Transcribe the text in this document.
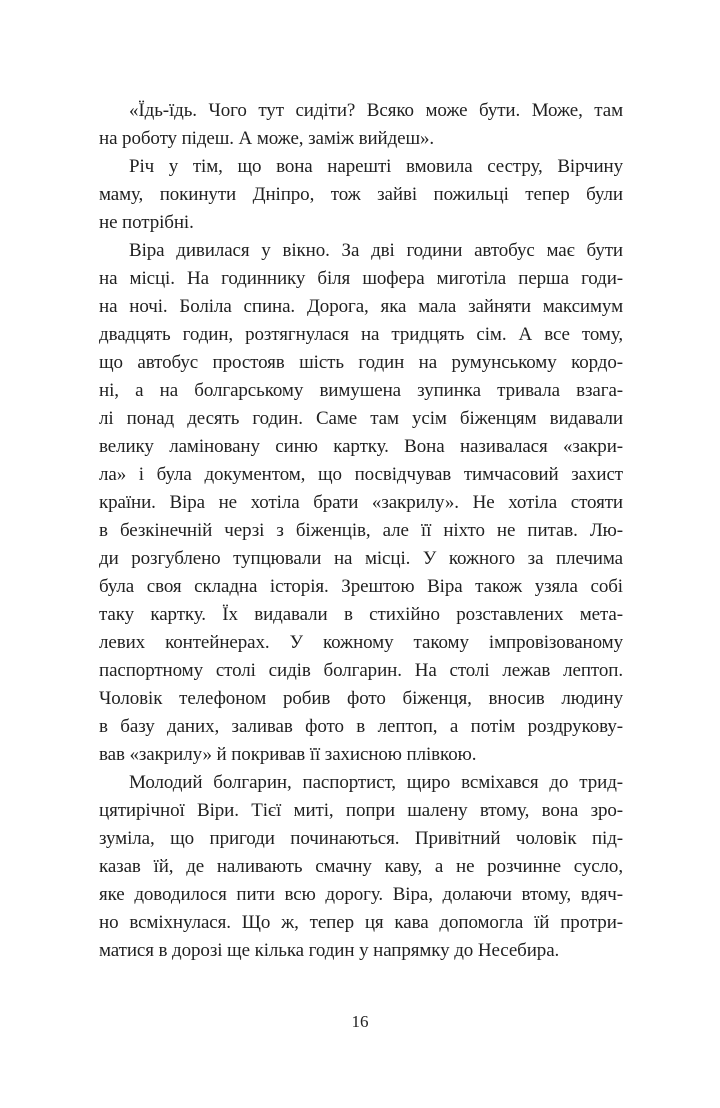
«Їдь-їдь. Чого тут сидіти? Всяко може бути. Може, там
на роботу підеш. А може, заміж вийдеш».
Річ у тім, що вона нарешті вмовила сестру, Вірчину
маму, покинути Дніпро, тож зайві пожильці тепер були
не потрібні.
Віра дивилася у вікно. За дві години автобус має бути
на місці. На годиннику біля шофера миготіла перша годи-
на ночі. Боліла спина. Дорога, яка мала зайняти максимум
двадцять годин, розтягнулася на тридцять сім. А все тому,
що автобус простояв шість годин на румунському кордо-
ні, а на болгарському вимушена зупинка тривала взага-
лі понад десять годин. Саме там усім біженцям видавали
велику ламіновану синю картку. Вона називалася «закри-
ла» і була документом, що посвідчував тимчасовий захист
країни. Віра не хотіла брати «закрилу». Не хотіла стояти
в безкінечній черзі з біженців, але її ніхто не питав. Лю-
ди розгублено тупцювали на місці. У кожного за плечима
була своя складна історія. Зрештою Віра також узяла собі
таку картку. Їх видавали в стихійно розставлених мета-
левих контейнерах. У кожному такому імпровізованому
паспортному столі сидів болгарин. На столі лежав лептоп.
Чоловік телефоном робив фото біженця, вносив людину
в базу даних, заливав фото в лептоп, а потім роздрукову-
вав «закрилу» й покривав її захисною плівкою.
Молодий болгарин, паспортист, щиро всміхався до трид-
цятирічної Віри. Тієї миті, попри шалену втому, вона зро-
зуміла, що пригоди починаються. Привітний чоловік під-
казав їй, де наливають смачну каву, а не розчинне сусло,
яке доводилося пити всю дорогу. Віра, долаючи втому, вдяч-
но всміхнулася. Що ж, тепер ця кава допомогла їй протри-
матися в дорозі ще кілька годин у напрямку до Несебира.
16
